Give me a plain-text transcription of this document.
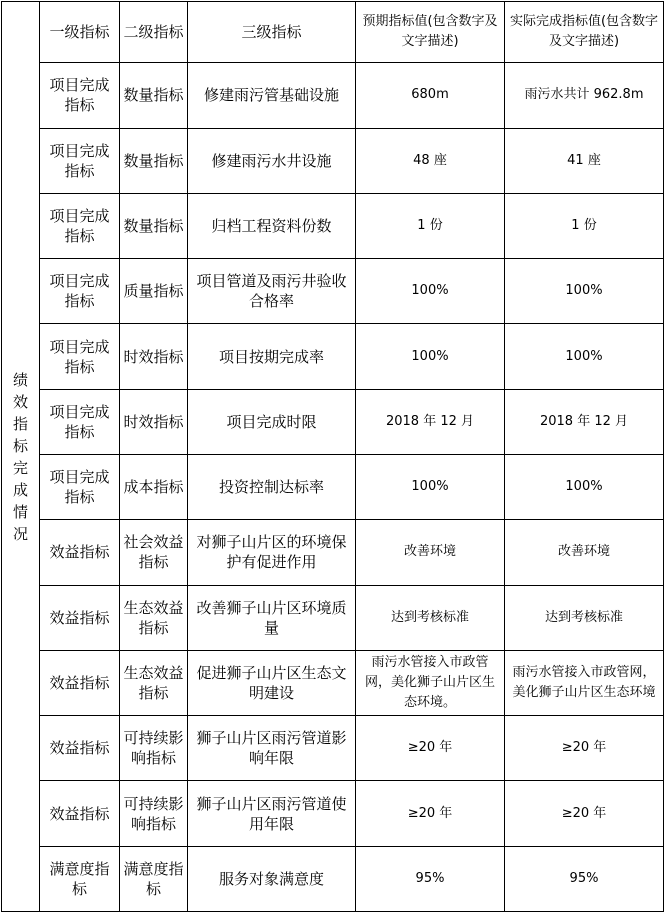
绩效指标完成情况	一级指标	二级指标	三级指标	预期指标值(包含数字及文字描述)	实际完成指标值(包含数字及文字描述)
	项目完成指标	数量指标	修建雨污管基础设施	680m	雨污水共计 962.8m
	项目完成指标	数量指标	修建雨污水井设施	48 座	41 座
	项目完成指标	数量指标	归档工程资料份数	1 份	1 份
	项目完成指标	质量指标	项目管道及雨污井验收合格率	100%	100%
	项目完成指标	时效指标	项目按期完成率	100%	100%
	项目完成指标	时效指标	项目完成时限	2018 年 12 月	2018 年 12 月
	项目完成指标	成本指标	投资控制达标率	100%	100%
	效益指标	社会效益指标	对狮子山片区的环境保护有促进作用	改善环境	改善环境
	效益指标	生态效益指标	改善狮子山片区环境质量	达到考核标准	达到考核标准
	效益指标	生态效益指标	促进狮子山片区生态文明建设	雨污水管接入市政管网，美化狮子山片区生态环境。	雨污水管接入市政管网，美化狮子山片区生态环境
	效益指标	可持续影响指标	狮子山片区雨污管道影响年限	≥20 年	≥20 年
	效益指标	可持续影响指标	狮子山片区雨污管道使用年限	≥20 年	≥20 年
	满意度指标	满意度指标	服务对象满意度	95%	95%
